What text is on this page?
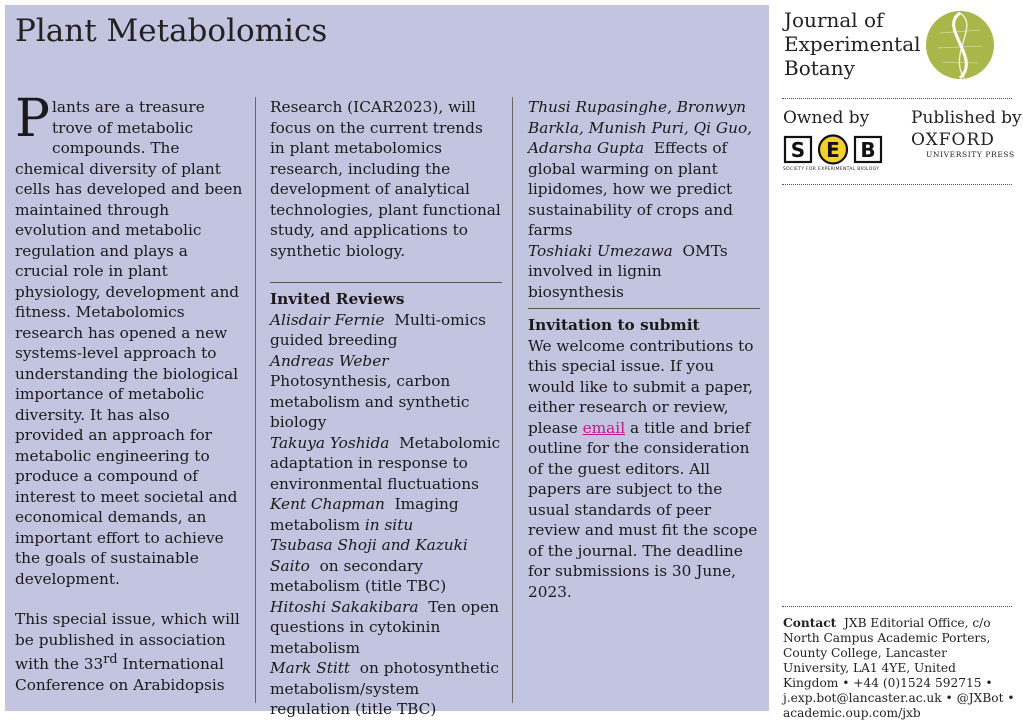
Plant Metabolomics

Plants are a treasure trove of metabolic compounds. The chemical diversity of plant cells has developed and been maintained through evolution and metabolic regulation and plays a crucial role in plant physiology, development and fitness. Metabolomics research has opened a new systems-level approach to understanding the biological importance of metabolic diversity. It has also provided an approach for metabolic engineering to produce a compound of interest to meet societal and economical demands, an important effort to achieve the goals of sustainable development.

This special issue, which will be published in association with the 33rd International Conference on Arabidopsis

Research (ICAR2023), will focus on the current trends in plant metabolomics research, including the development of analytical technologies, plant functional study, and applications to synthetic biology.

Invited Reviews

Alisdair Fernie Multi-omics guided breeding

Andreas Weber  Photosynthesis, carbon metabolism and synthetic biology

Takuya Yoshida Metabolomic adaptation in response to environmental fluctuations

Kent Chapman Imaging metabolism in situ

Tsubasa Shoji and Kazuki Saito on secondary metabolism (title TBC)

Hitoshi Sakakibara Ten open questions in cytokinin metabolism

Mark Stitt on photosynthetic metabolism/system regulation (title TBC)

Thusi Rupasinghe, Bronwyn Barkla, Munish Puri, Qi Guo, Adarsha Gupta Effects of global warming on plant lipidomes, how we predict sustainability of crops and farms

Toshiaki Umezawa OMTs involved in lignin biosynthesis

Invitation to submit

We welcome contributions to this special issue. If you would like to submit a paper, either research or review, please email a title and brief outline for the consideration of the guest editors. All papers are subject to the usual standards of peer review and must fit the scope of the journal. The deadline for submissions is 30 June, 2023.

Journal of
Experimental
Botany
Owned by Published by
S E B
SOCIETY FOR EXPERIMENTAL BIOLOGY
OXFORD
UNIVERSITY PRESS
Contact JXB Editorial Office, c/o North Campus Academic Porters, County College, Lancaster University, LA1 4YE, United Kingdom • +44 (0)1524 592715 • j.exp.bot@lancaster.ac.uk • @JXBot • academic.oup.com/jxb
